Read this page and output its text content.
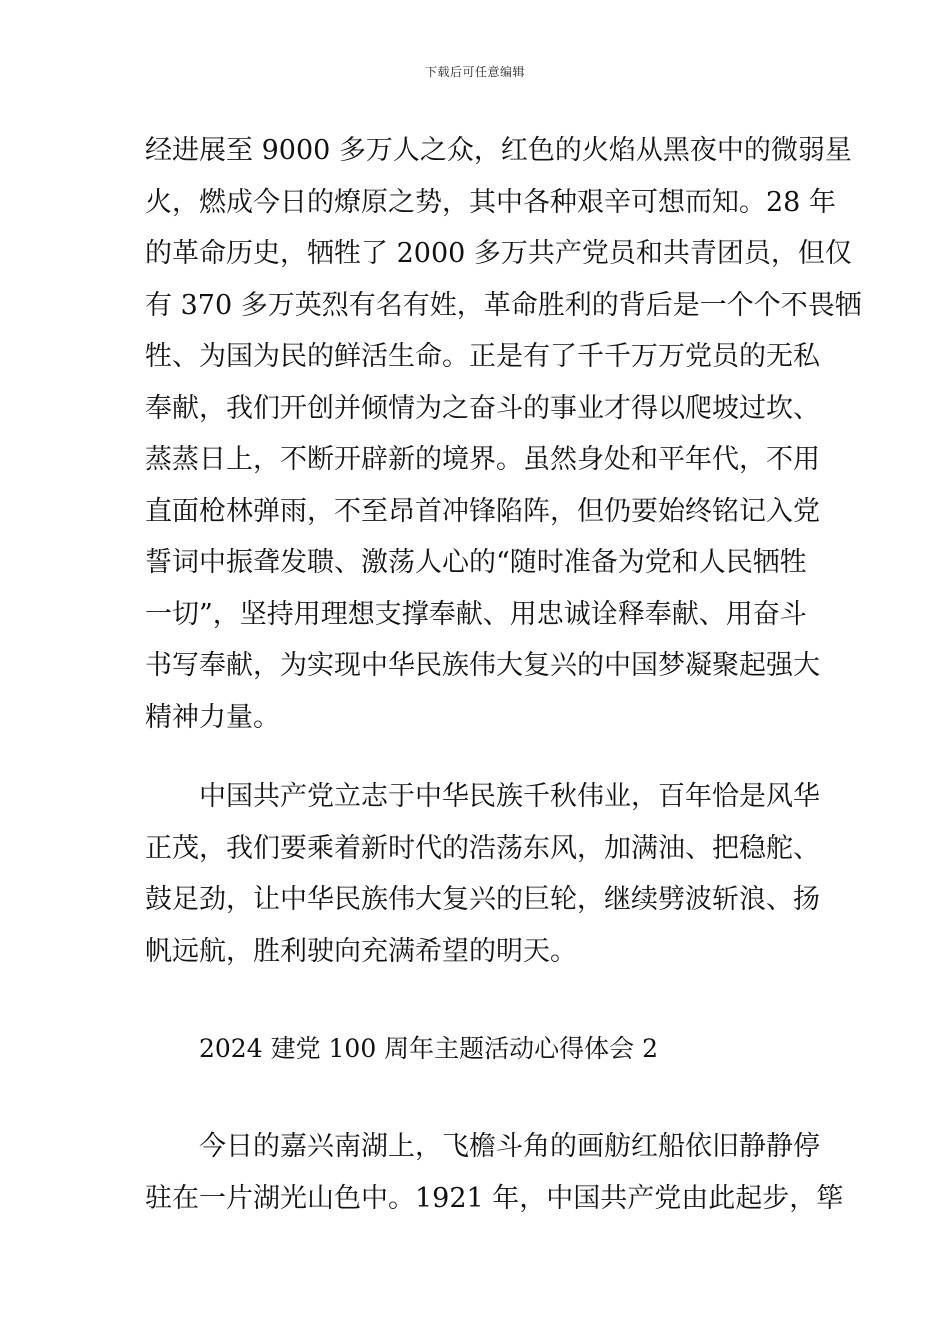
下载后可任意编辑
经进展至 9000 多万人之众，红色的火焰从黑夜中的微弱星
火，燃成今日的燎原之势，其中各种艰辛可想而知。28 年
的革命历史，牺牲了 2000 多万共产党员和共青团员，但仅
有 370 多万英烈有名有姓，革命胜利的背后是一个个不畏牺
牲、为国为民的鲜活生命。正是有了千千万万党员的无私
奉献，我们开创并倾情为之奋斗的事业才得以爬坡过坎、
蒸蒸日上，不断开辟新的境界。虽然身处和平年代，不用
直面枪林弹雨，不至昂首冲锋陷阵，但仍要始终铭记入党
誓词中振聋发聩、激荡人心的“随时准备为党和人民牺牲
一切”，坚持用理想支撑奉献、用忠诚诠释奉献、用奋斗
书写奉献，为实现中华民族伟大复兴的中国梦凝聚起强大
精神力量。
中国共产党立志于中华民族千秋伟业，百年恰是风华
正茂，我们要乘着新时代的浩荡东风，加满油、把稳舵、
鼓足劲，让中华民族伟大复兴的巨轮，继续劈波斩浪、扬
帆远航，胜利驶向充满希望的明天。
2024 建党 100 周年主题活动心得体会 2
今日的嘉兴南湖上，飞檐斗角的画舫红船依旧静静停
驻在一片湖光山色中。1921 年，中国共产党由此起步，筚
